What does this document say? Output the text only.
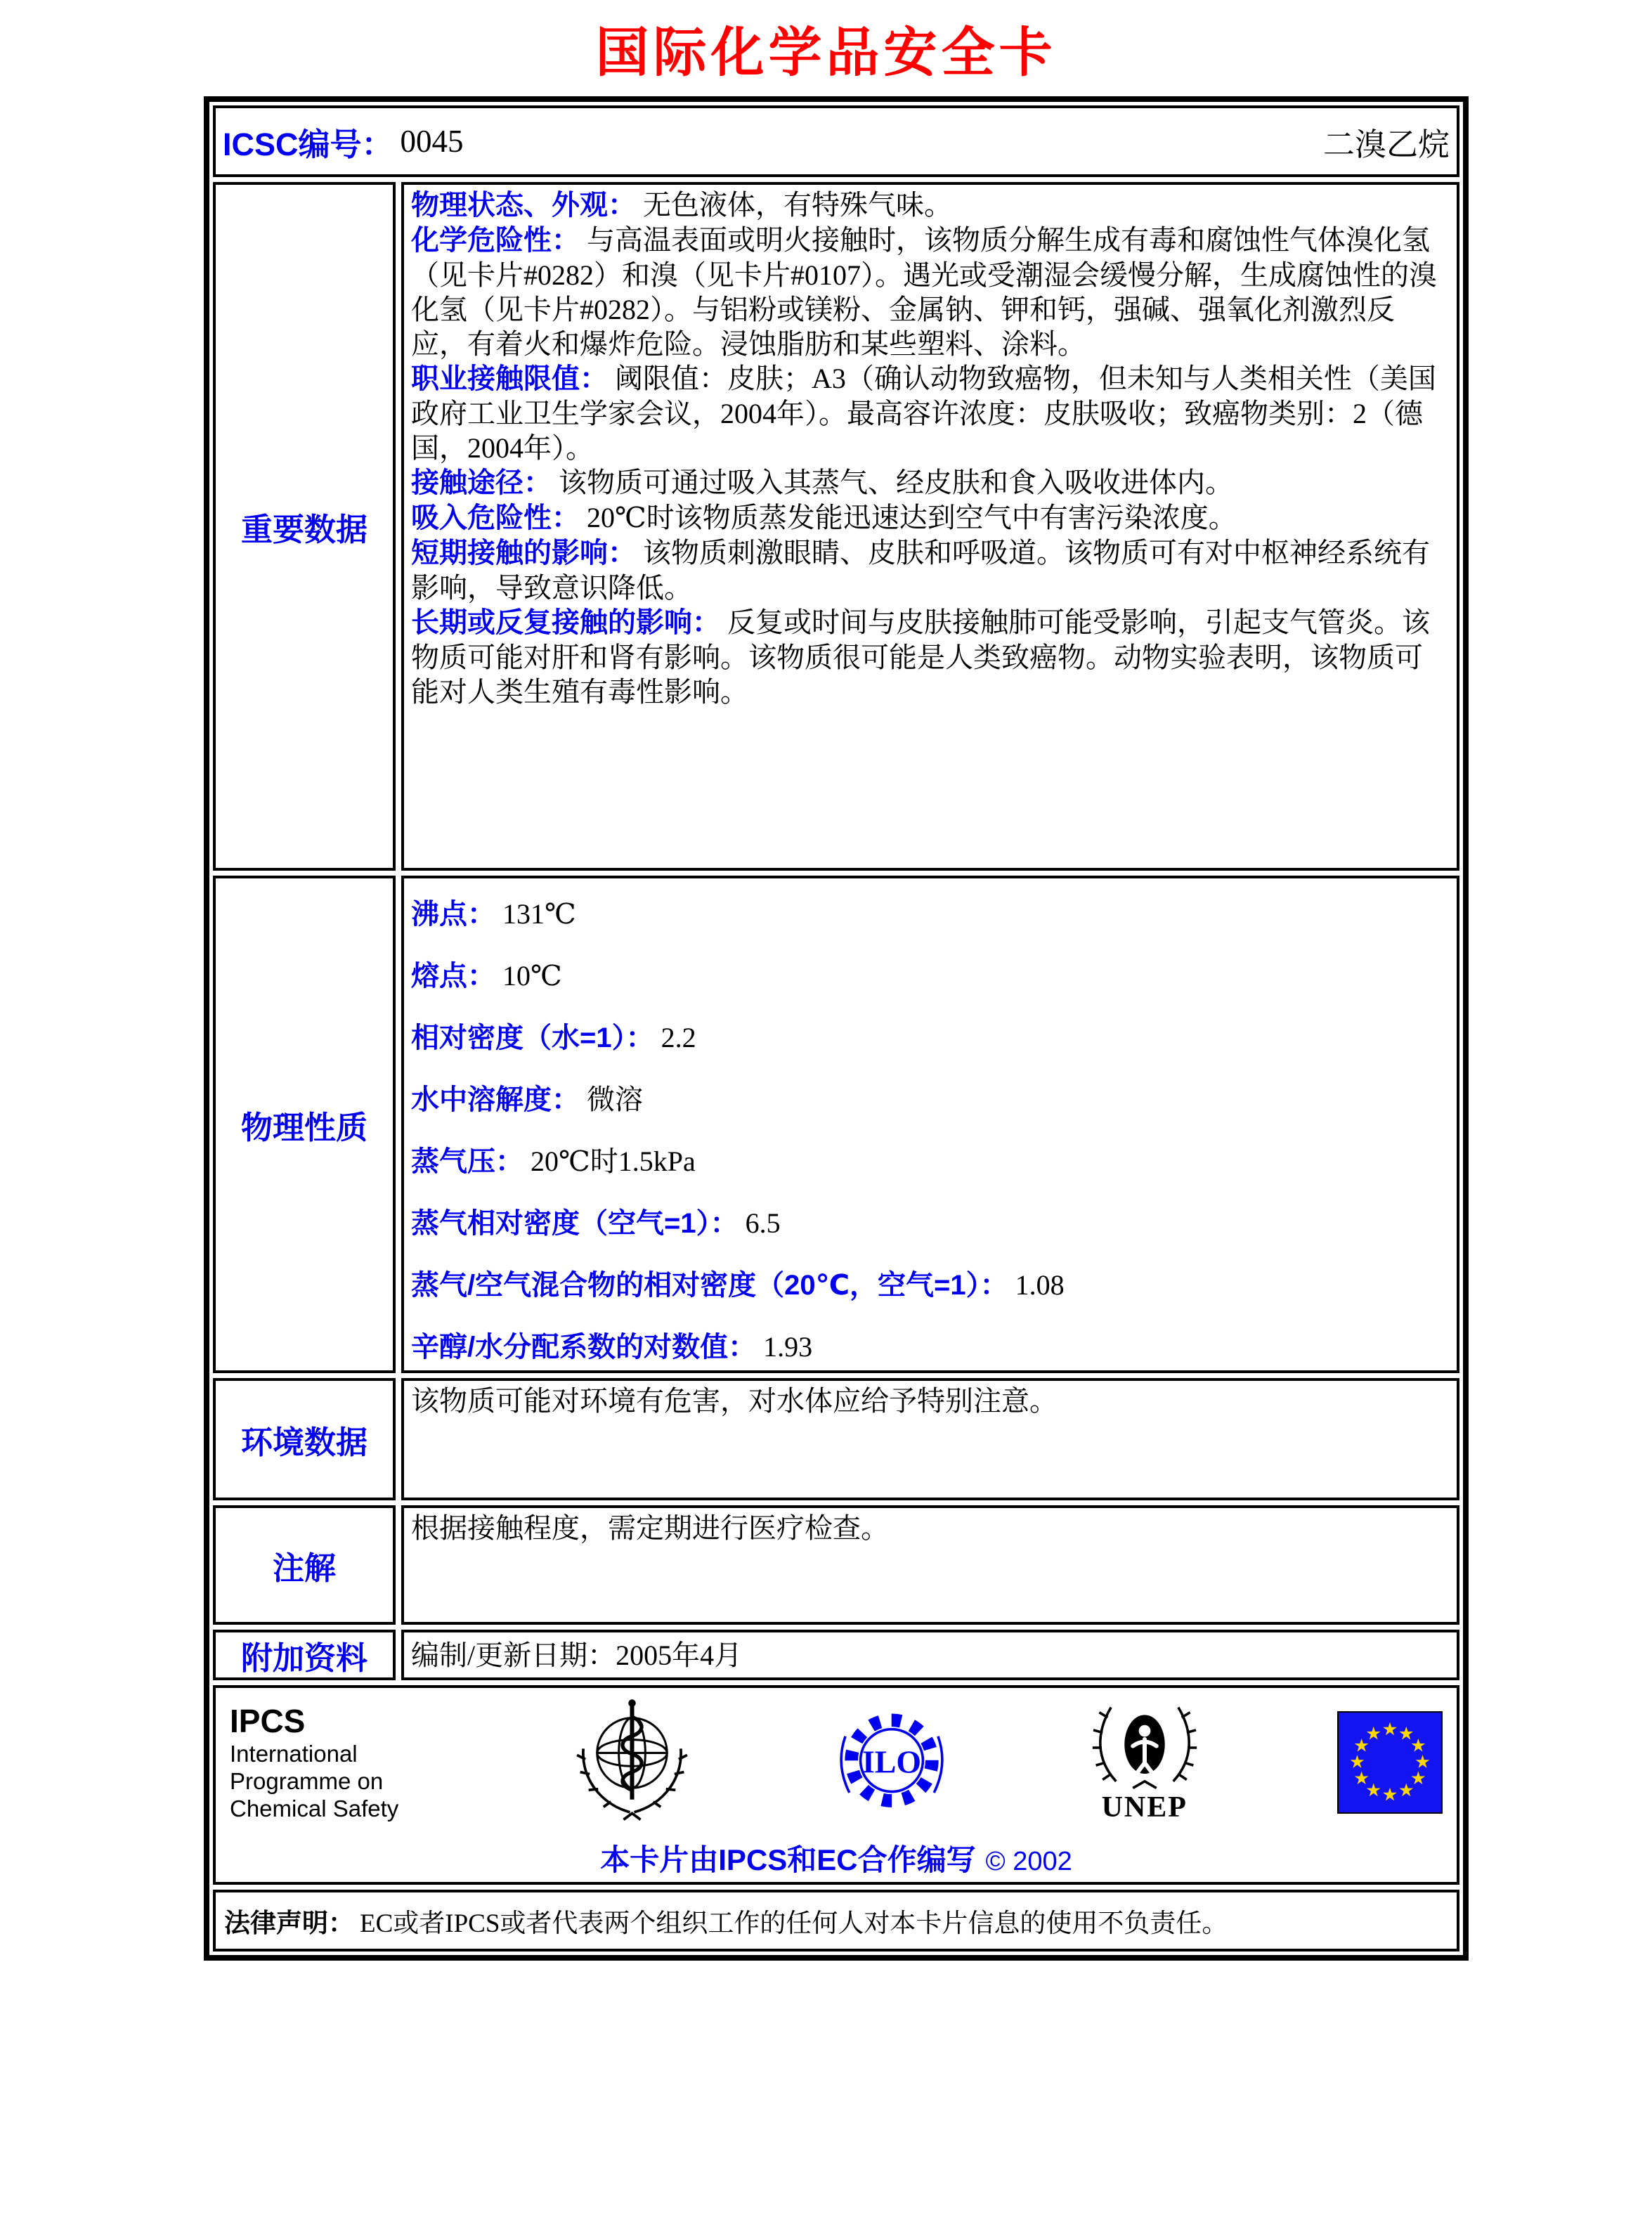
国际化学品安全卡
ICSC编号： 0045	二溴乙烷
重要数据

物理状态、外观： 无色液体，有特殊气味。

化学危险性： 与高温表面或明火接触时，该物质分解生成有毒和腐蚀性气体溴化氢（见卡片#0282）和溴（见卡片#0107）。遇光或受潮湿会缓慢分解，生成腐蚀性的溴化氢（见卡片#0282）。与铝粉或镁粉、金属钠、钾和钙，强碱、强氧化剂激烈反应，有着火和爆炸危险。浸蚀脂肪和某些塑料、涂料。

职业接触限值： 阈限值：皮肤；A3（确认动物致癌物，但未知与人类相关性（美国政府工业卫生学家会议，2004年）。最高容许浓度：皮肤吸收；致癌物类别：2（德国，2004年）。

接触途径： 该物质可通过吸入其蒸气、经皮肤和食入吸收进体内。

吸入危险性： 20℃时该物质蒸发能迅速达到空气中有害污染浓度。

短期接触的影响： 该物质刺激眼睛、皮肤和呼吸道。该物质可有对中枢神经系统有影响，导致意识降低。

长期或反复接触的影响： 反复或时间与皮肤接触肺可能受影响，引起支气管炎。该物质可能对肝和肾有影响。该物质很可能是人类致癌物。动物实验表明，该物质可能对人类生殖有毒性影响。

物理性质

沸点： 131℃

熔点： 10℃

相对密度（水=1）： 2.2

水中溶解度： 微溶

蒸气压： 20℃时1.5kPa

蒸气相对密度（空气=1）： 6.5

蒸气/空气混合物的相对密度（20℃，空气=1）： 1.08

辛醇/水分配系数的对数值： 1.93

环境数据

该物质可能对环境有危害，对水体应给予特别注意。

注解

根据接触程度，需定期进行医疗检查。

附加资料	编制/更新日期：2005年4月

IPCS
International
Programme on
Chemical Safety
ILO
UNEP
本卡片由IPCS和EC合作编写 © 2002
法律声明： EC或者IPCS或者代表两个组织工作的任何人对本卡片信息的使用不负责任。
